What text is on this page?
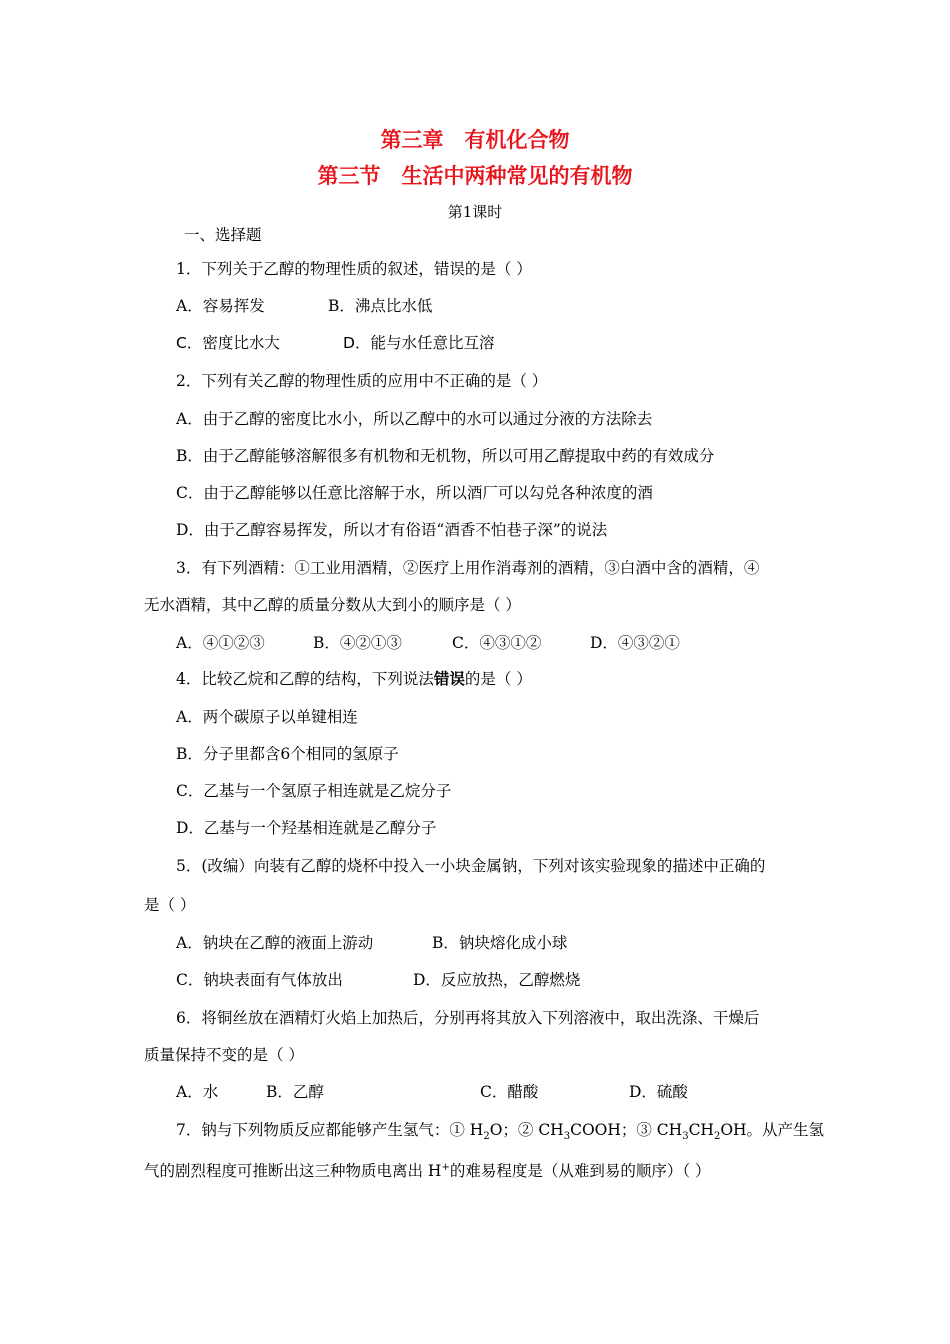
第三章　有机化合物
第三节　生活中两种常见的有机物
第1课时
一、选择题
1．下列关于乙醇的物理性质的叙述，错误的是（ ）
A．容易挥发	B．沸点比水低
C．密度比水大	D．能与水任意比互溶
2．下列有关乙醇的物理性质的应用中不正确的是（ ）
A．由于乙醇的密度比水小，所以乙醇中的水可以通过分液的方法除去
B．由于乙醇能够溶解很多有机物和无机物，所以可用乙醇提取中药的有效成分
C．由于乙醇能够以任意比溶解于水，所以酒厂可以勾兑各种浓度的酒
D．由于乙醇容易挥发，所以才有俗语“酒香不怕巷子深”的说法
3．有下列酒精：①工业用酒精，②医疗上用作消毒剂的酒精，③白酒中含的酒精，④
无水酒精，其中乙醇的质量分数从大到小的顺序是（ ）
A．④①②③	B．④②①③	C．④③①②	D．④③②①
4．比较乙烷和乙醇的结构，下列说法错误的是（ ）
A．两个碳原子以单键相连
B．分子里都含6个相同的氢原子
C．乙基与一个氢原子相连就是乙烷分子
D．乙基与一个羟基相连就是乙醇分子
5．(改编）向装有乙醇的烧杯中投入一小块金属钠，下列对该实验现象的描述中正确的
是（ ）
A．钠块在乙醇的液面上游动	B．钠块熔化成小球
C．钠块表面有气体放出	D．反应放热，乙醇燃烧
6．将铜丝放在酒精灯火焰上加热后，分别再将其放入下列溶液中，取出洗涤、干燥后
质量保持不变的是（ ）
A．水	B．乙醇	C．醋酸	D．硫酸
7．钠与下列物质反应都能够产生氢气：① $H_2O$；② $CH_3COOH$；③ $CH_3CH_2OH$。从产生氢
气的剧烈程度可推断出这三种物质电离出 H+的难易程度是（从难到易的顺序）（ ）
